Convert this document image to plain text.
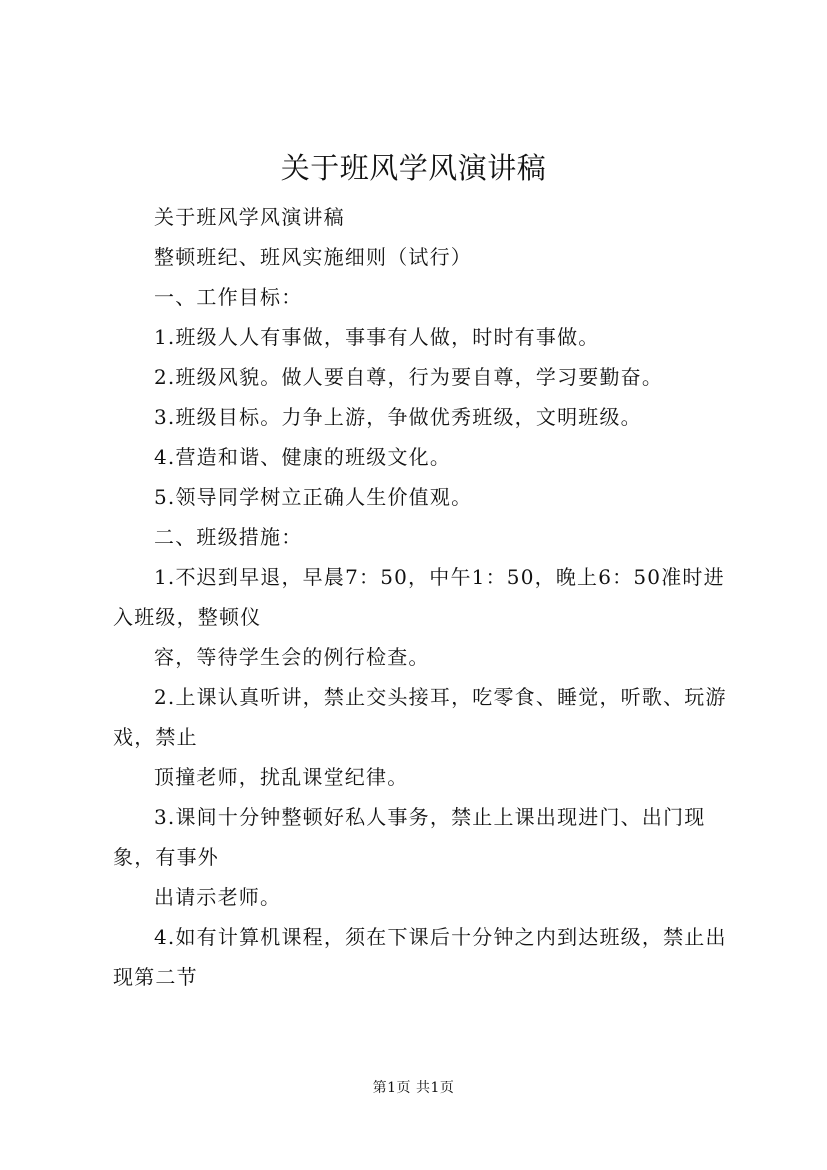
关于班风学风演讲稿

关于班风学风演讲稿

整顿班纪、班风实施细则（试行）

一、工作目标：

1.班级人人有事做，事事有人做，时时有事做。

2.班级风貌。做人要自尊，行为要自尊，学习要勤奋。

3.班级目标。力争上游，争做优秀班级，文明班级。

4.营造和谐、健康的班级文化。

5.领导同学树立正确人生价值观。

二、班级措施：

1.不迟到早退，早晨7：50，中午1：50，晚上6：50准时进入班级，整顿仪

容，等待学生会的例行检查。

2.上课认真听讲，禁止交头接耳，吃零食、睡觉，听歌、玩游戏，禁止

顶撞老师，扰乱课堂纪律。

3.课间十分钟整顿好私人事务，禁止上课出现进门、出门现象，有事外

出请示老师。

4.如有计算机课程，须在下课后十分钟之内到达班级，禁止出现第二节

第1页 共1页
